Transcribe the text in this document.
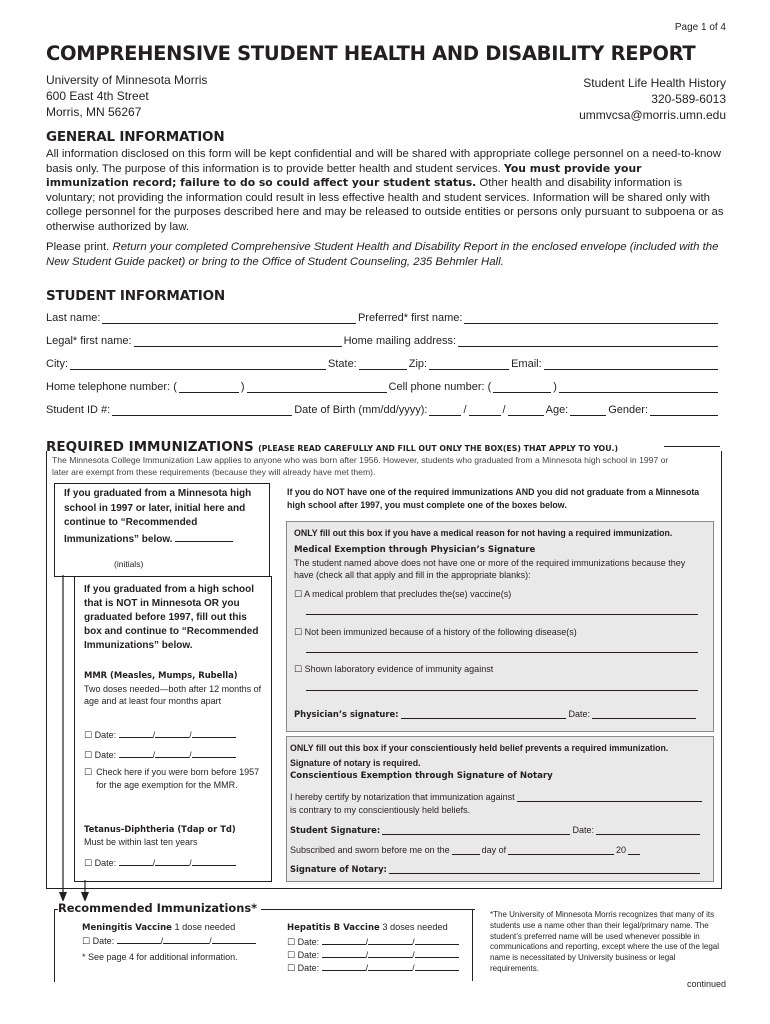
Page 1 of 4
COMPREHENSIVE STUDENT HEALTH AND DISABILITY REPORT
University of Minnesota Morris
600 East 4th Street
Morris, MN 56267
Student Life Health History
320-589-6013
ummvcsa@morris.umn.edu
GENERAL INFORMATION
All information disclosed on this form will be kept confidential and will be shared with appropriate college personnel on a need-to-know basis only. The purpose of this information is to provide better health and student services. You must provide your immunization record; failure to do so could affect your student status. Other health and disability information is voluntary; not providing the information could result in less effective health and student services. Information will be shared only with college personnel for the purposes described here and may be released to outside entities or persons only pursuant to subpoena or as otherwise authorized by law.
Please print. Return your completed Comprehensive Student Health and Disability Report in the enclosed envelope (included with the New Student Guide packet) or bring to the Office of Student Counseling, 235 Behmler Hall.
STUDENT INFORMATION
Last name:	Preferred* first name:
Legal* first name:	Home mailing address:
City:	State:	Zip:	Email:
Home telephone number: (	)	Cell phone number: (	)
Student ID #:	Date of Birth (mm/dd/yyyy):	/	/	Age:	Gender:
REQUIRED IMMUNIZATIONS (PLEASE READ CAREFULLY AND FILL OUT ONLY THE BOX(ES) THAT APPLY TO YOU.)
The Minnesota College Immunization Law applies to anyone who was born after 1956. However, students who graduated from a Minnesota high school in 1997 or later are exempt from these requirements (because they will already have met them).
If you graduated from a Minnesota high school in 1997 or later, initial here and continue to “Recommended Immunizations” below.
(initials)
If you graduated from a high school that is NOT in Minnesota OR you graduated before 1997, fill out this box and continue to “Recommended Immunizations” below.
MMR (Measles, Mumps, Rubella)
Two doses needed—both after 12 months of age and at least four months apart
☐ Date:	/	/
☐ Date:	/	/
☐ Check here if you were born before 1957 for the age exemption for the MMR.
Tetanus-Diphtheria (Tdap or Td)
Must be within last ten years
☐ Date:	/	/
If you do NOT have one of the required immunizations AND you did not graduate from a Minnesota high school after 1997, you must complete one of the boxes below.
ONLY fill out this box if you have a medical reason for not having a required immunization.
Medical Exemption through Physician’s Signature
The student named above does not have one or more of the required immunizations because they have (check all that apply and fill in the appropriate blanks):
☐ A medical problem that precludes the(se) vaccine(s)
☐ Not been immunized because of a history of the following disease(s)
☐ Shown laboratory evidence of immunity against
Physician’s signature:	Date:
ONLY fill out this box if your conscientiously held belief prevents a required immunization. Signature of notary is required.
Conscientious Exemption through Signature of Notary
I hereby certify by notarization that immunization against
is contrary to my conscientiously held beliefs.
Student Signature:	Date:
Subscribed and sworn before me on the	day of	20
Signature of Notary:
Recommended Immunizations*
Meningitis Vaccine 1 dose needed
☐ Date:	/	/
* See page 4 for additional information.
Hepatitis B Vaccine 3 doses needed
☐ Date:	/	/
☐ Date:	/	/
☐ Date:	/	/
*The University of Minnesota Morris recognizes that many of its students use a name other than their legal/primary name. The student’s preferred name will be used whenever possible in communications and reporting, except where the use of the legal name is necessitated by University business or legal requirements.
continued
